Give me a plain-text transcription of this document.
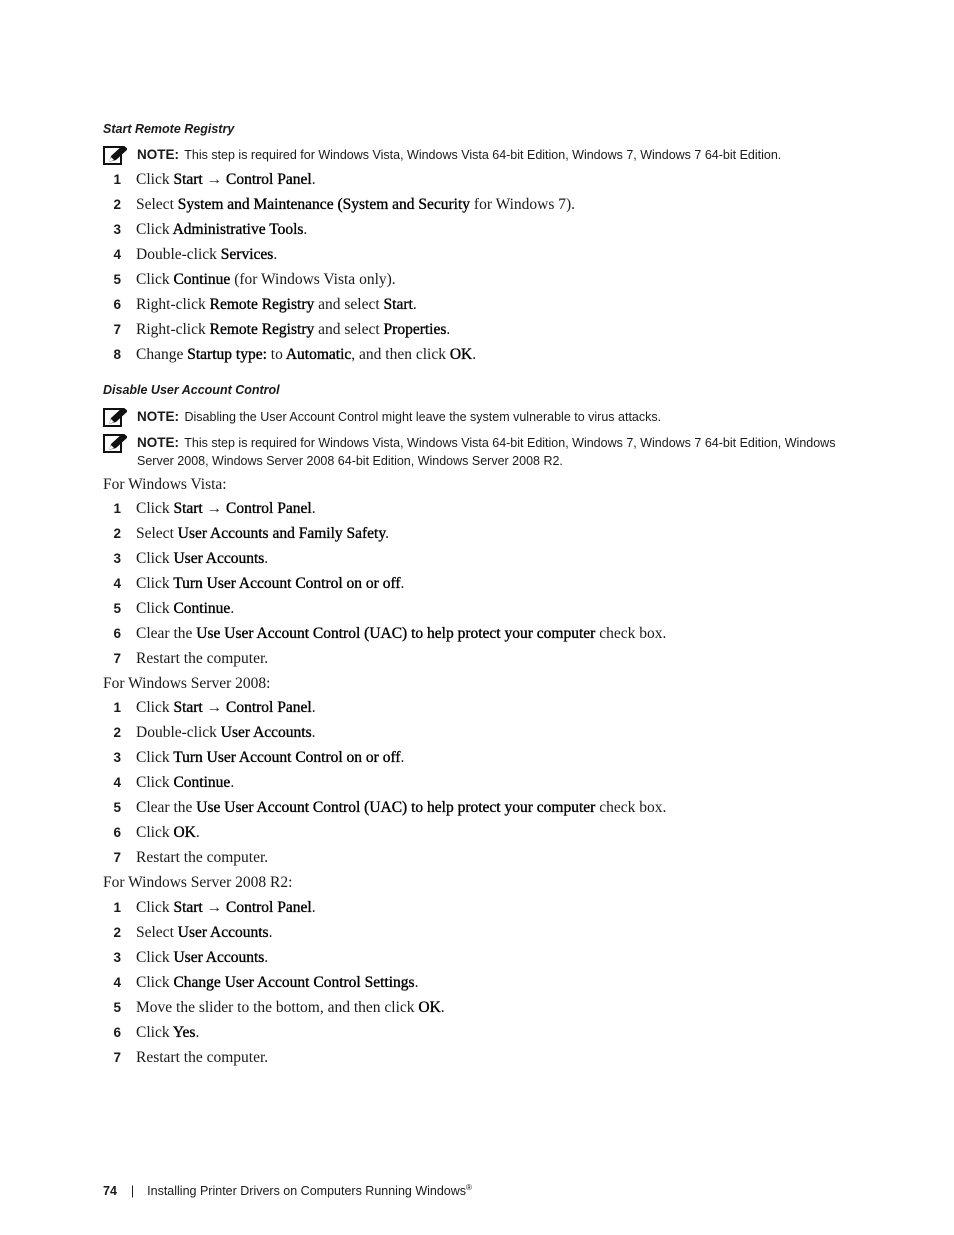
Start Remote Registry
NOTE: This step is required for Windows Vista, Windows Vista 64-bit Edition, Windows 7, Windows 7 64-bit Edition.
1 Click Start → Control Panel.
2 Select System and Maintenance (System and Security for Windows 7).
3 Click Administrative Tools.
4 Double-click Services.
5 Click Continue (for Windows Vista only).
6 Right-click Remote Registry and select Start.
7 Right-click Remote Registry and select Properties.
8 Change Startup type: to Automatic, and then click OK.
Disable User Account Control
NOTE: Disabling the User Account Control might leave the system vulnerable to virus attacks.
NOTE: This step is required for Windows Vista, Windows Vista 64-bit Edition, Windows 7, Windows 7 64-bit Edition, Windows Server 2008, Windows Server 2008 64-bit Edition, Windows Server 2008 R2.
For Windows Vista:
1 Click Start → Control Panel.
2 Select User Accounts and Family Safety.
3 Click User Accounts.
4 Click Turn User Account Control on or off.
5 Click Continue.
6 Clear the Use User Account Control (UAC) to help protect your computer check box.
7 Restart the computer.
For Windows Server 2008:
1 Click Start → Control Panel.
2 Double-click User Accounts.
3 Click Turn User Account Control on or off.
4 Click Continue.
5 Clear the Use User Account Control (UAC) to help protect your computer check box.
6 Click OK.
7 Restart the computer.
For Windows Server 2008 R2:
1 Click Start → Control Panel.
2 Select User Accounts.
3 Click User Accounts.
4 Click Change User Account Control Settings.
5 Move the slider to the bottom, and then click OK.
6 Click Yes.
7 Restart the computer.
74 | Installing Printer Drivers on Computers Running Windows®
